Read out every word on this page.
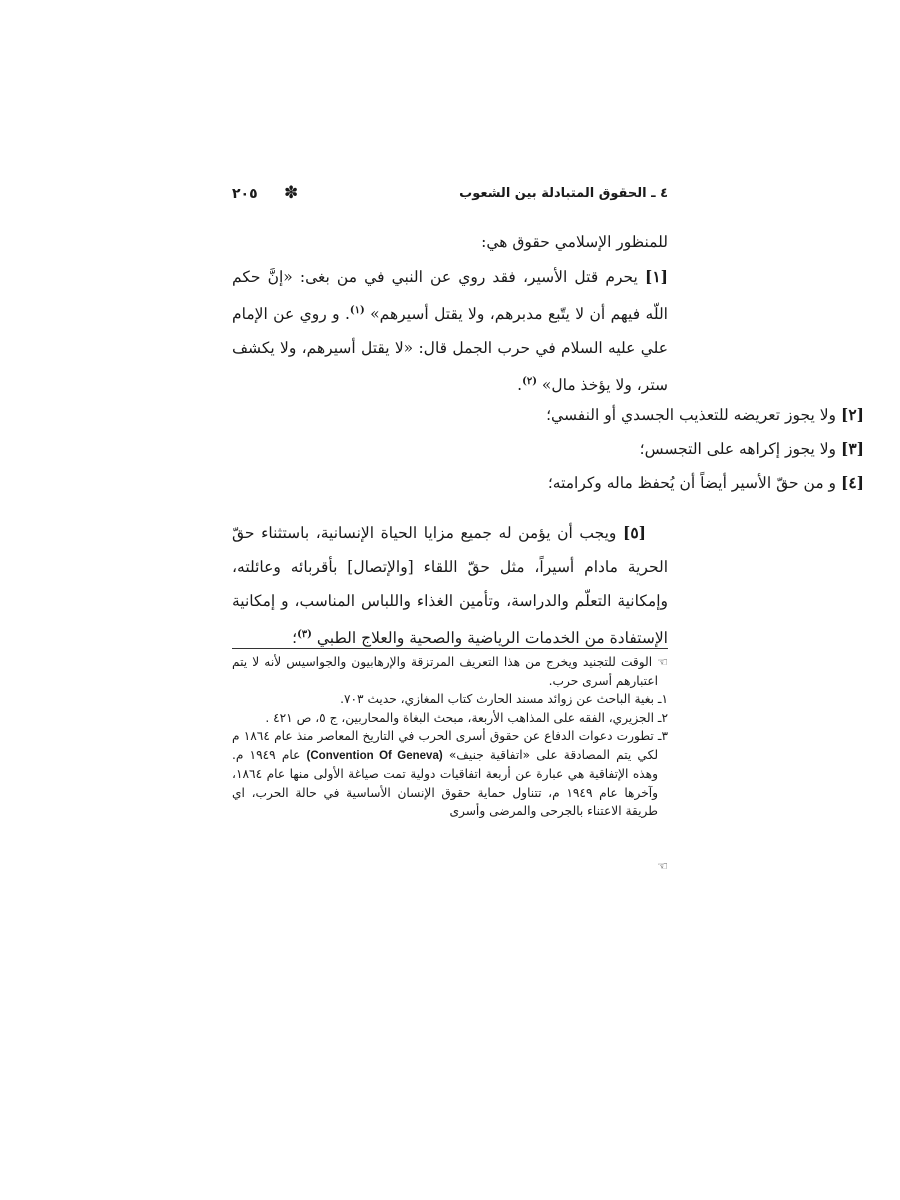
٤ ـ الحقوق المتبادلة بين الشعوب
✽
٢٠٥

للمنظور الإسلامي حقوق هي:

[١] يحرم قتل الأسير، فقد روي عن النبي في من بغى: «إنَّ حكم اللّه فيهم أن لا يتّبع مدبرهم، ولا يقتل أسيرهم» $^{(١)}$. و روي عن الإمام علي عليه السلام في حرب الجمل قال: «لا يقتل أسيرهم، ولا يكشف ستر، ولا يؤخذ مال» $^{(٢)}$.

[٢] ولا يجوز تعريضه للتعذيب الجسدي أو النفسي؛
[٣] ولا يجوز إكراهه على التجسس؛
[٤] و من حقّ الأسير أيضاً أن يُحفظ ماله وكرامته؛

[٥] ويجب أن يؤمن له جميع مزايا الحياة الإنسانية، باستثناء حقّ الحرية مادام أسيراً، مثل حقّ اللقاء [والإتصال] بأقربائه وعائلته، وإمكانية التعلّم والدراسة، وتأمين الغذاء واللباس المناسب، و إمكانية الإستفادة من الخدمات الرياضية والصحية والعلاج الطبي $^{(٣)}$؛

☜ الوقت للتجنيد ويخرج من هذا التعريف المرتزقة والإرهابيون والجواسيس لأنه لا يتم اعتبارهم أسرى حرب.
١ـ بغية الباحث عن زوائد مسند الحارث كتاب المغازي، حديث ٧٠٣.
٢ـ الجزيري، الفقه على المذاهب الأربعة، مبحث البغاة والمحاربين، ج ٥، ص ٤٢١ .
٣ـ تطورت دعوات الدفاع عن حقوق أسرى الحرب في التاريخ المعاصر منذ عام ١٨٦٤ م لكي يتم المصادقة على «اتفاقية جنيف» (Convention Of Geneva) عام ١٩٤٩ م. وهذه الإتفاقية هي عبارة عن أربعة اتفاقيات دولية تمت صياغة الأولى منها عام ١٨٦٤، وآخرها عام ١٩٤٩ م، تتناول حماية حقوق الإنسان الأساسية في حالة الحرب، اي طريقة الاعتناء بالجرحى والمرضى وأسرى
☜
